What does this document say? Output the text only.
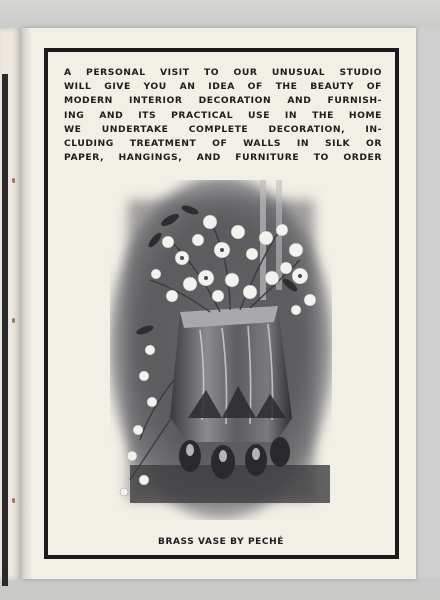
A PERSONAL VISIT TO OUR UNUSUAL STUDIO
WILL GIVE YOU AN IDEA OF THE BEAUTY OF
MODERN INTERIOR DECORATION AND FURNISH-
ING AND ITS PRACTICAL USE IN THE HOME
WE UNDERTAKE COMPLETE DECORATION, IN-
CLUDING TREATMENT OF WALLS IN SILK OR
PAPER, HANGINGS, AND FURNITURE TO ORDER
BRASS VASE BY PECHÉ
